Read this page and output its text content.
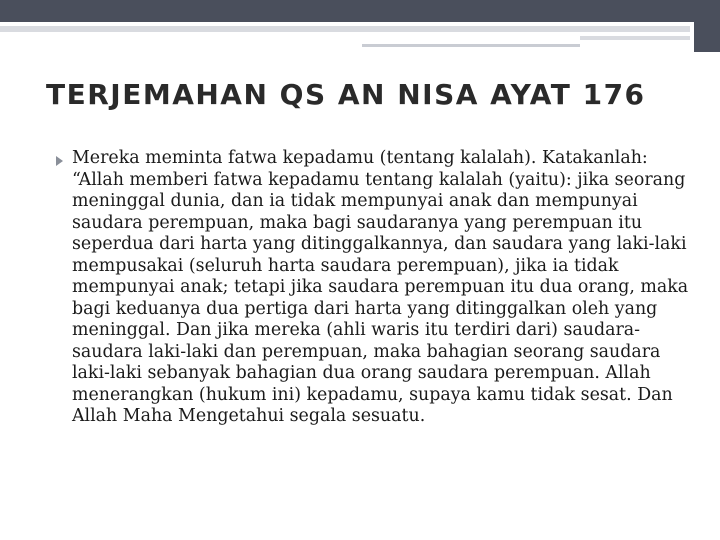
TERJEMAHAN QS AN NISA AYAT 176

Mereka meminta fatwa kepadamu (tentang kalalah). Katakanlah: “Allah memberi fatwa kepadamu tentang kalalah (yaitu): jika seorang meninggal dunia, dan ia tidak mempunyai anak dan mempunyai saudara perempuan, maka bagi saudaranya yang perempuan itu seperdua dari harta yang ditinggalkannya, dan saudara yang laki-laki mempusakai (seluruh harta saudara perempuan), jika ia tidak mempunyai anak; tetapi jika saudara perempuan itu dua orang, maka bagi keduanya dua pertiga dari harta yang ditinggalkan oleh yang meninggal. Dan jika mereka (ahli waris itu terdiri dari) saudara-saudara laki-laki dan perempuan, maka bahagian seorang saudara laki-laki sebanyak bahagian dua orang saudara perempuan. Allah menerangkan (hukum ini) kepadamu, supaya kamu tidak sesat. Dan Allah Maha Mengetahui segala sesuatu.
